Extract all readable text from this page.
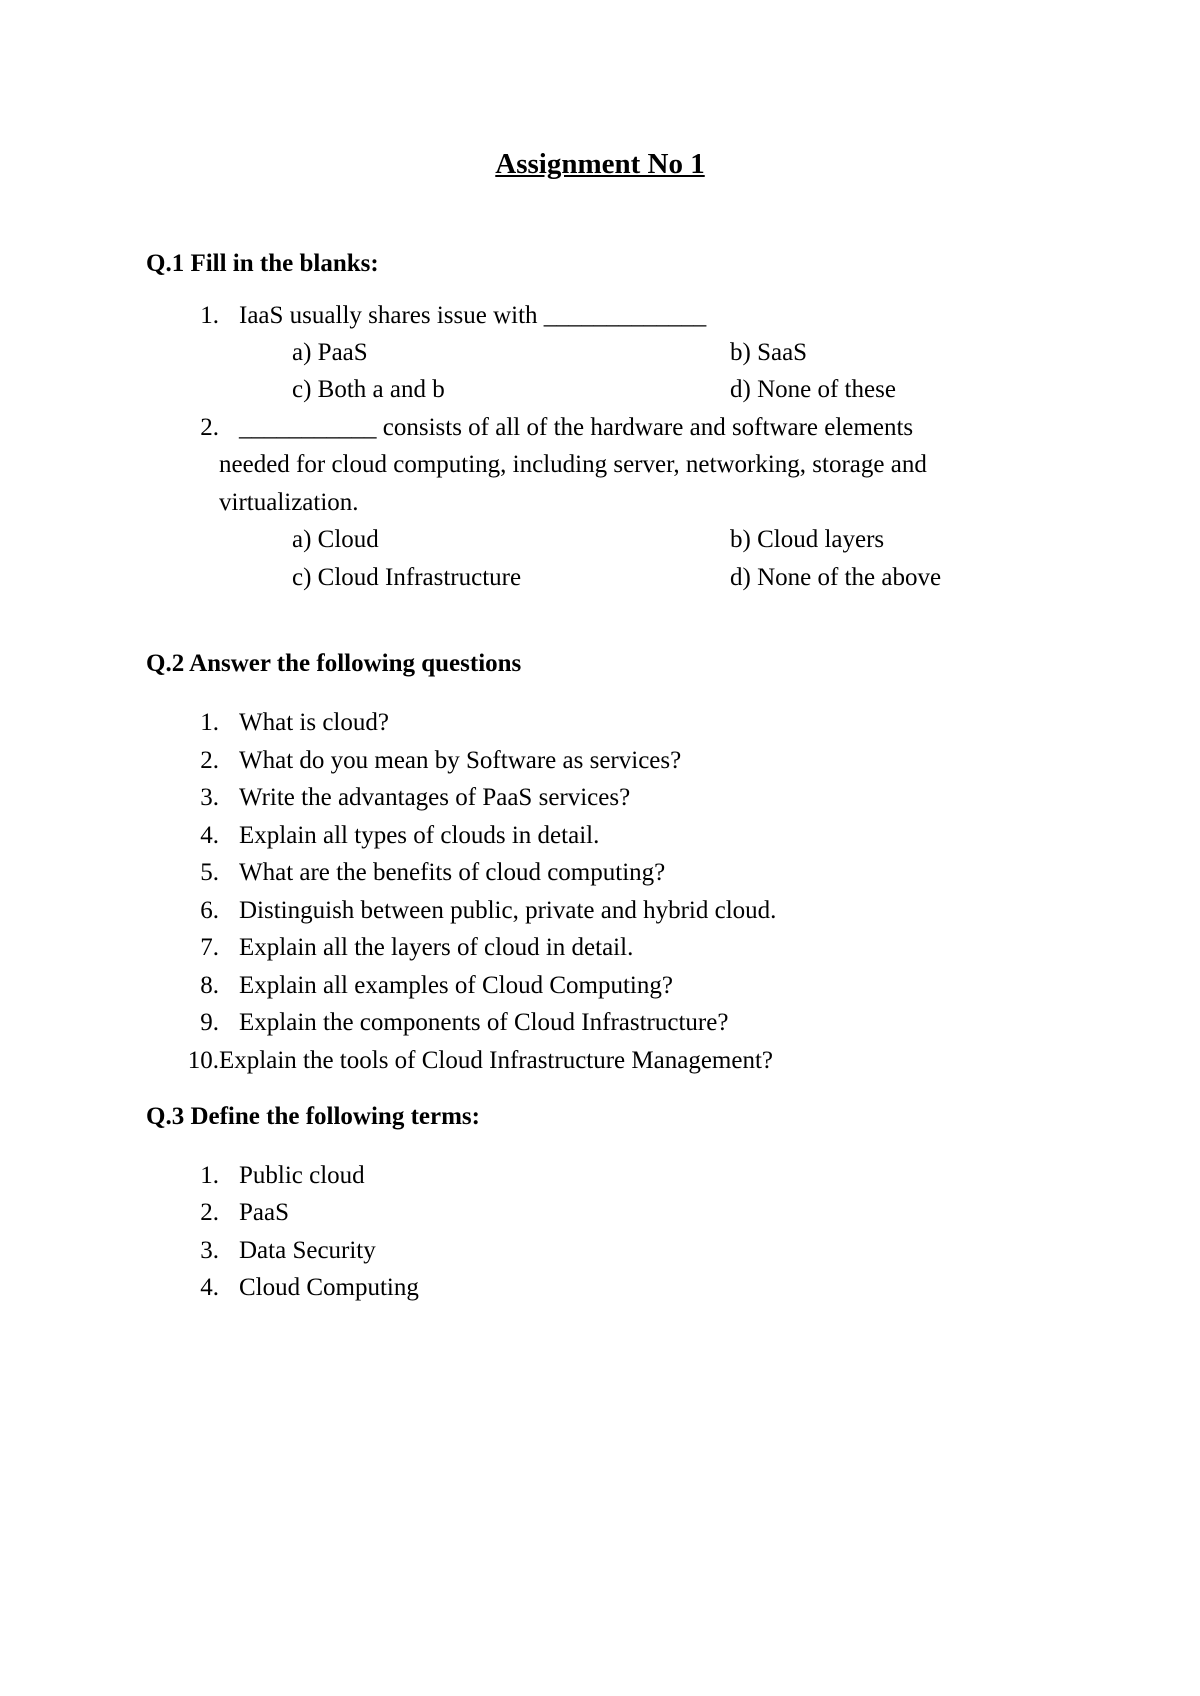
Assignment No 1
Q.1 Fill in the blanks:
1. IaaS usually shares issue with _____________
a) PaaS	b) SaaS
c) Both a and b	d) None of these
2. ___________ consists of all of the hardware and software elements
needed for cloud computing, including server, networking, storage and
virtualization.
a) Cloud	b) Cloud layers
c) Cloud Infrastructure	d) None of the above
Q.2 Answer the following questions
1. What is cloud?
2. What do you mean by Software as services?
3. Write the advantages of PaaS services?
4. Explain all types of clouds in detail.
5. What are the benefits of cloud computing?
6. Distinguish between public, private and hybrid cloud.
7. Explain all the layers of cloud in detail.
8. Explain all examples of Cloud Computing?
9. Explain the components of Cloud Infrastructure?
10.Explain the tools of Cloud Infrastructure Management?
Q.3 Define the following terms:
1. Public cloud
2. PaaS
3. Data Security
4. Cloud Computing
